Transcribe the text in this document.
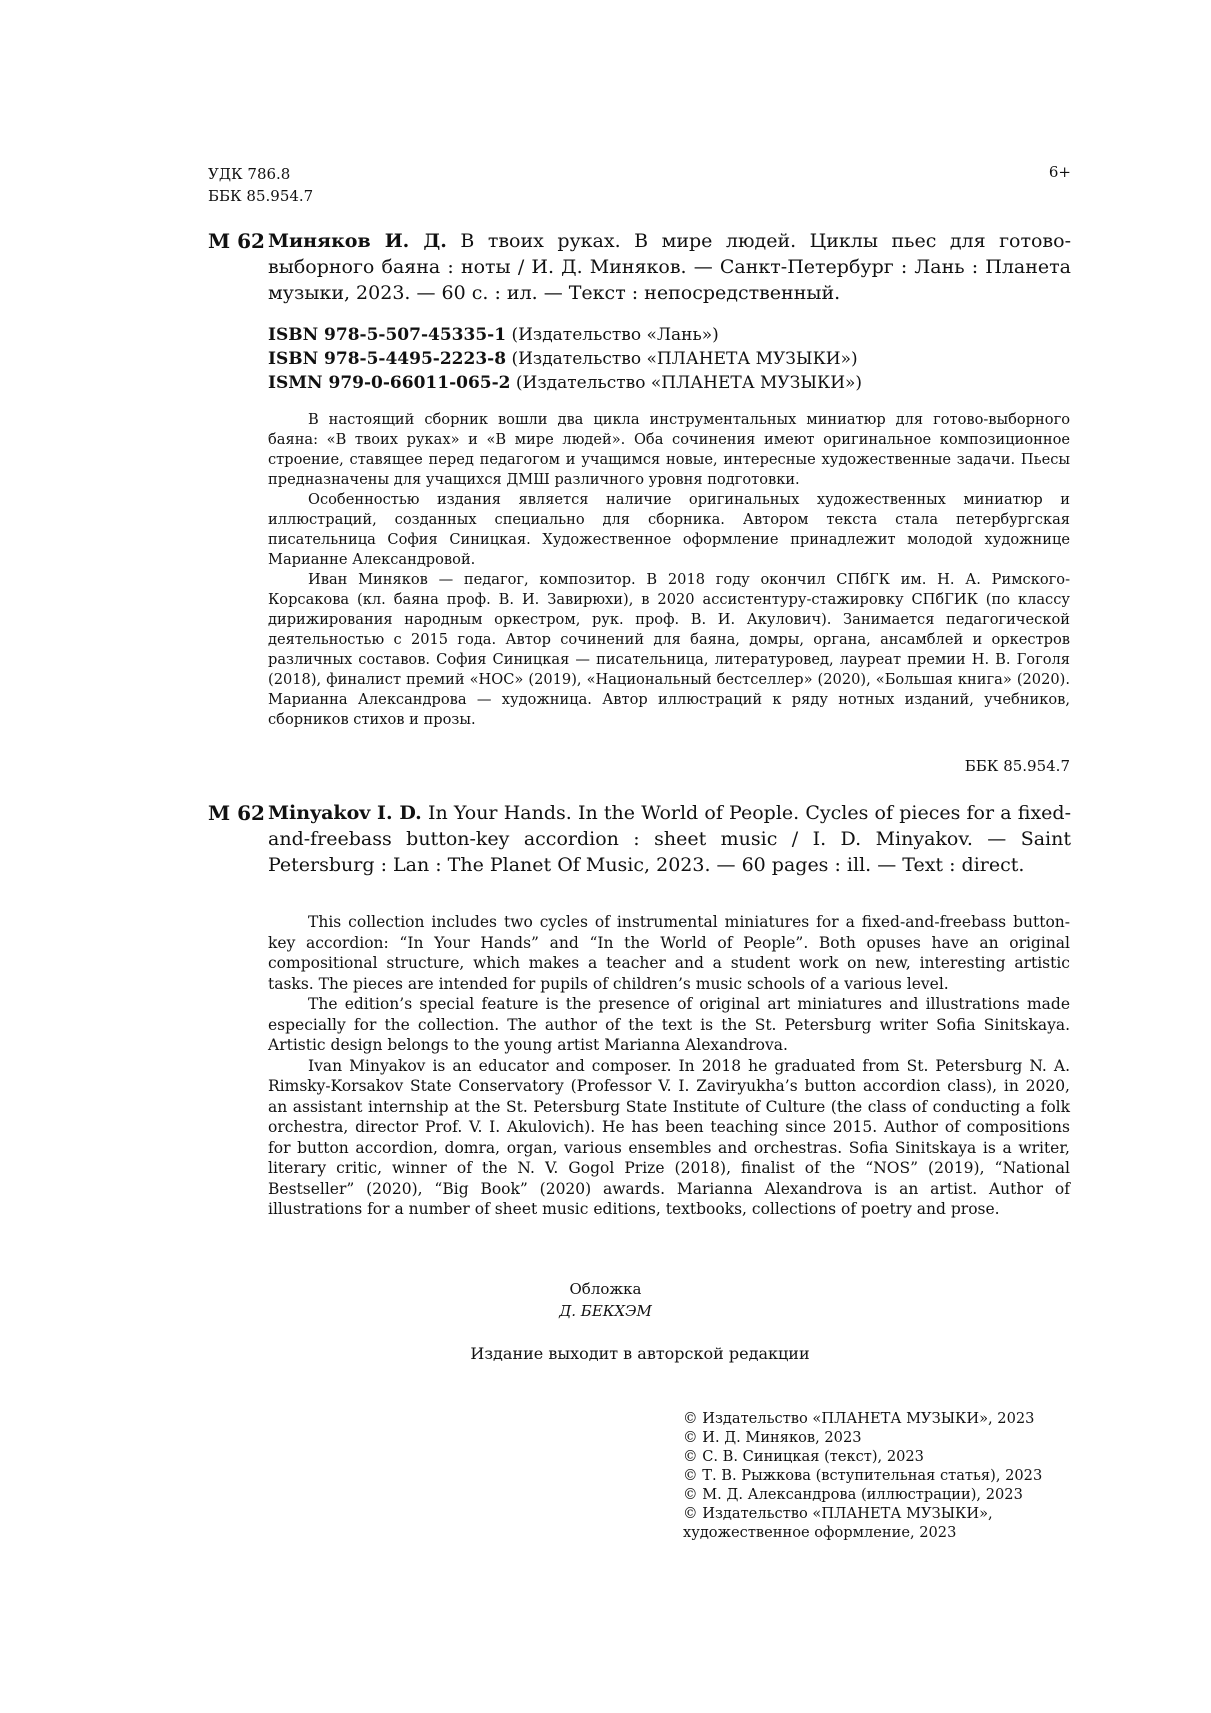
УДК 786.8
ББК 85.954.7
6+
М 62 Миняков И. Д. В твоих руках. В мире людей. Циклы пьес для готово-выборного баяна : ноты / И. Д. Миняков. — Санкт-Петербург : Лань : Планета музыки, 2023. — 60 с. : ил. — Текст : непосредственный.
ISBN 978-5-507-45335-1 (Издательство «Лань»)
ISBN 978-5-4495-2223-8 (Издательство «ПЛАНЕТА МУЗЫКИ»)
ISMN 979-0-66011-065-2 (Издательство «ПЛАНЕТА МУЗЫКИ»)

В настоящий сборник вошли два цикла инструментальных миниатюр для готово-выборного баяна: «В твоих руках» и «В мире людей». Оба сочинения имеют оригинальное композиционное строение, ставящее перед педагогом и учащимся новые, интересные художественные задачи. Пьесы предназначены для учащихся ДМШ различного уровня подготовки.

Особенностью издания является наличие оригинальных художественных миниатюр и иллюстраций, созданных специально для сборника. Автором текста стала петербургская писательница София Синицкая. Художественное оформление принадлежит молодой художнице Марианне Александровой.

Иван Миняков — педагог, композитор. В 2018 году окончил СПбГК им. Н. А. Римского-Корсакова (кл. баяна проф. В. И. Завирюхи), в 2020 ассистентуру-стажировку СПбГИК (по классу дирижирования народным оркестром, рук. проф. В. И. Акулович). Занимается педагогической деятельностью с 2015 года. Автор сочинений для баяна, домры, органа, ансамблей и оркестров различных составов. София Синицкая — писательница, литературовед, лауреат премии Н. В. Гоголя (2018), финалист премий «НОС» (2019), «Национальный бестселлер» (2020), «Большая книга» (2020). Марианна Александрова — художница. Автор иллюстраций к ряду нотных изданий, учебников, сборников стихов и прозы.

ББК 85.954.7
M 62 Minyakov I. D. In Your Hands. In the World of People. Cycles of pieces for a fixed-and-freebass button-key accordion : sheet music / I. D. Minyakov. — Saint Petersburg : Lan : The Planet Of Music, 2023. — 60 pages : ill. — Text : direct.

This collection includes two cycles of instrumental miniatures for a fixed-and-freebass button-key accordion: “In Your Hands” and “In the World of People”. Both opuses have an original compositional structure, which makes a teacher and a student work on new, interesting artistic tasks. The pieces are intended for pupils of children’s music schools of a various level.

The edition’s special feature is the presence of original art miniatures and illustrations made especially for the collection. The author of the text is the St. Petersburg writer Sofia Sinitskaya. Artistic design belongs to the young artist Marianna Alexandrova.

Ivan Minyakov is an educator and composer. In 2018 he graduated from St. Petersburg N. A. Rimsky-Korsakov State Conservatory (Professor V. I. Zaviryukha’s button accordion class), in 2020, an assistant internship at the St. Petersburg State Institute of Culture (the class of conducting a folk orchestra, director Prof. V. I. Akulovich). He has been teaching since 2015. Author of compositions for button accordion, domra, organ, various ensembles and orchestras. Sofia Sinitskaya is a writer, literary critic, winner of the N. V. Gogol Prize (2018), finalist of the “NOS” (2019), “National Bestseller” (2020), “Big Book” (2020) awards. Marianna Alexandrova is an artist. Author of illustrations for a number of sheet music editions, textbooks, collections of poetry and prose.

Обложка
Д. БЕКХЭМ
Издание выходит в авторской редакции
© Издательство «ПЛАНЕТА МУЗЫКИ», 2023
© И. Д. Миняков, 2023
© С. В. Синицкая (текст), 2023
© Т. В. Рыжкова (вступительная статья), 2023
© М. Д. Александрова (иллюстрации), 2023
© Издательство «ПЛАНЕТА МУЗЫКИ», художественное оформление, 2023
